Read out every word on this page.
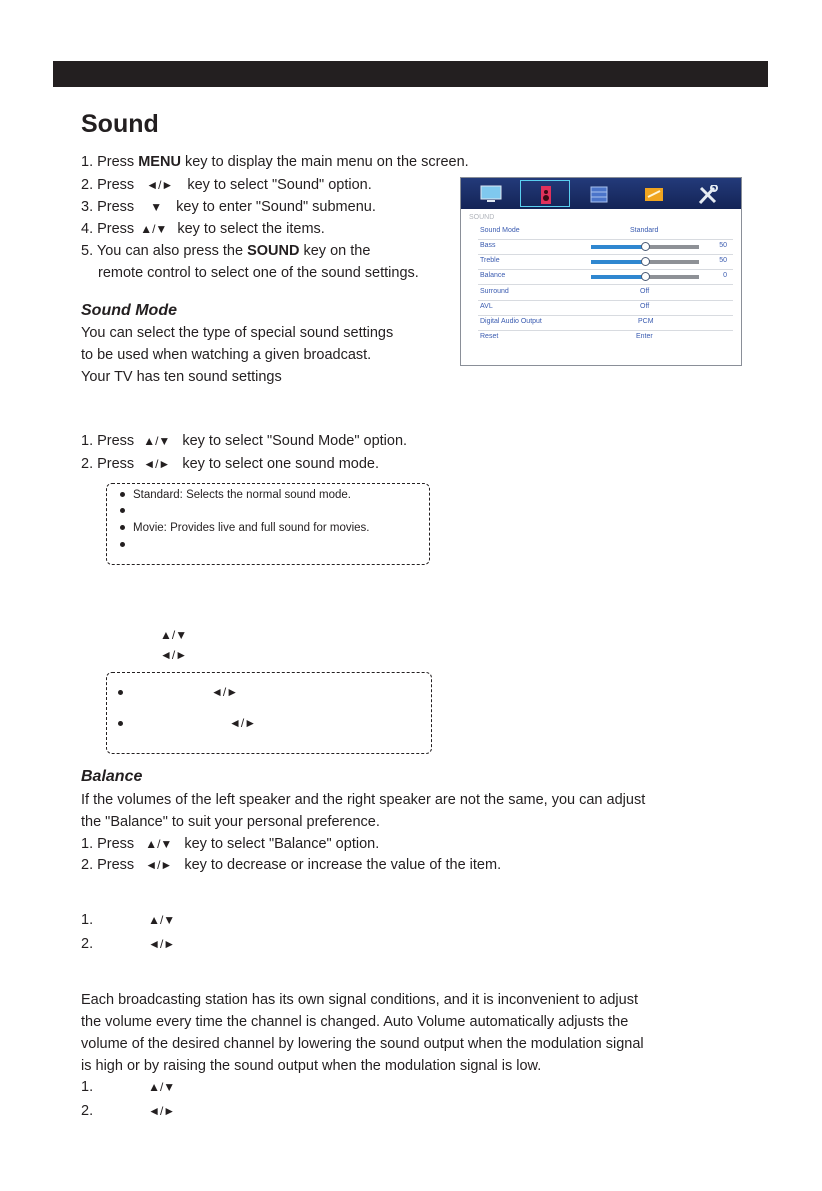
Sound
1. Press MENU key to display the main menu on the screen.
2. Press ◄/► key to select "Sound" option.
3. Press ▼ key to enter "Sound" submenu.
4. Press ▲/▼ key to select the items.
5. You can also press the SOUND key on the
remote control to select one of the sound settings.
SOUND
Sound Mode	Standard
Bass	50
Treble	50
Balance	0
Surround	Off
AVL	Off
Digital Audio Output	PCM
Reset	Enter
Sound Mode
You can select the type of special sound settings
to be used when watching a given broadcast.
Your TV has ten sound settings
1. Press ▲/▼ key to select "Sound Mode" option.
2. Press ◄/► key to select one sound mode.
Standard: Selects the normal sound mode.
Movie: Provides live and full sound for movies.
▲/▼
◄/►
◄/►
◄/►
Balance
If the volumes of the left speaker and the right speaker are not the same, you can adjust
the "Balance" to suit your personal preference.
1. Press ▲/▼ key to select "Balance" option.
2. Press ◄/► key to decrease or increase the value of the item.
1.	▲/▼
2.	◄/►
Each broadcasting station has its own signal conditions, and it is inconvenient to adjust
the volume every time the channel is changed. Auto Volume automatically adjusts the
volume of the desired channel by lowering the sound output when the modulation signal
is high or by raising the sound output when the modulation signal is low.
1.	▲/▼
2.	◄/►
